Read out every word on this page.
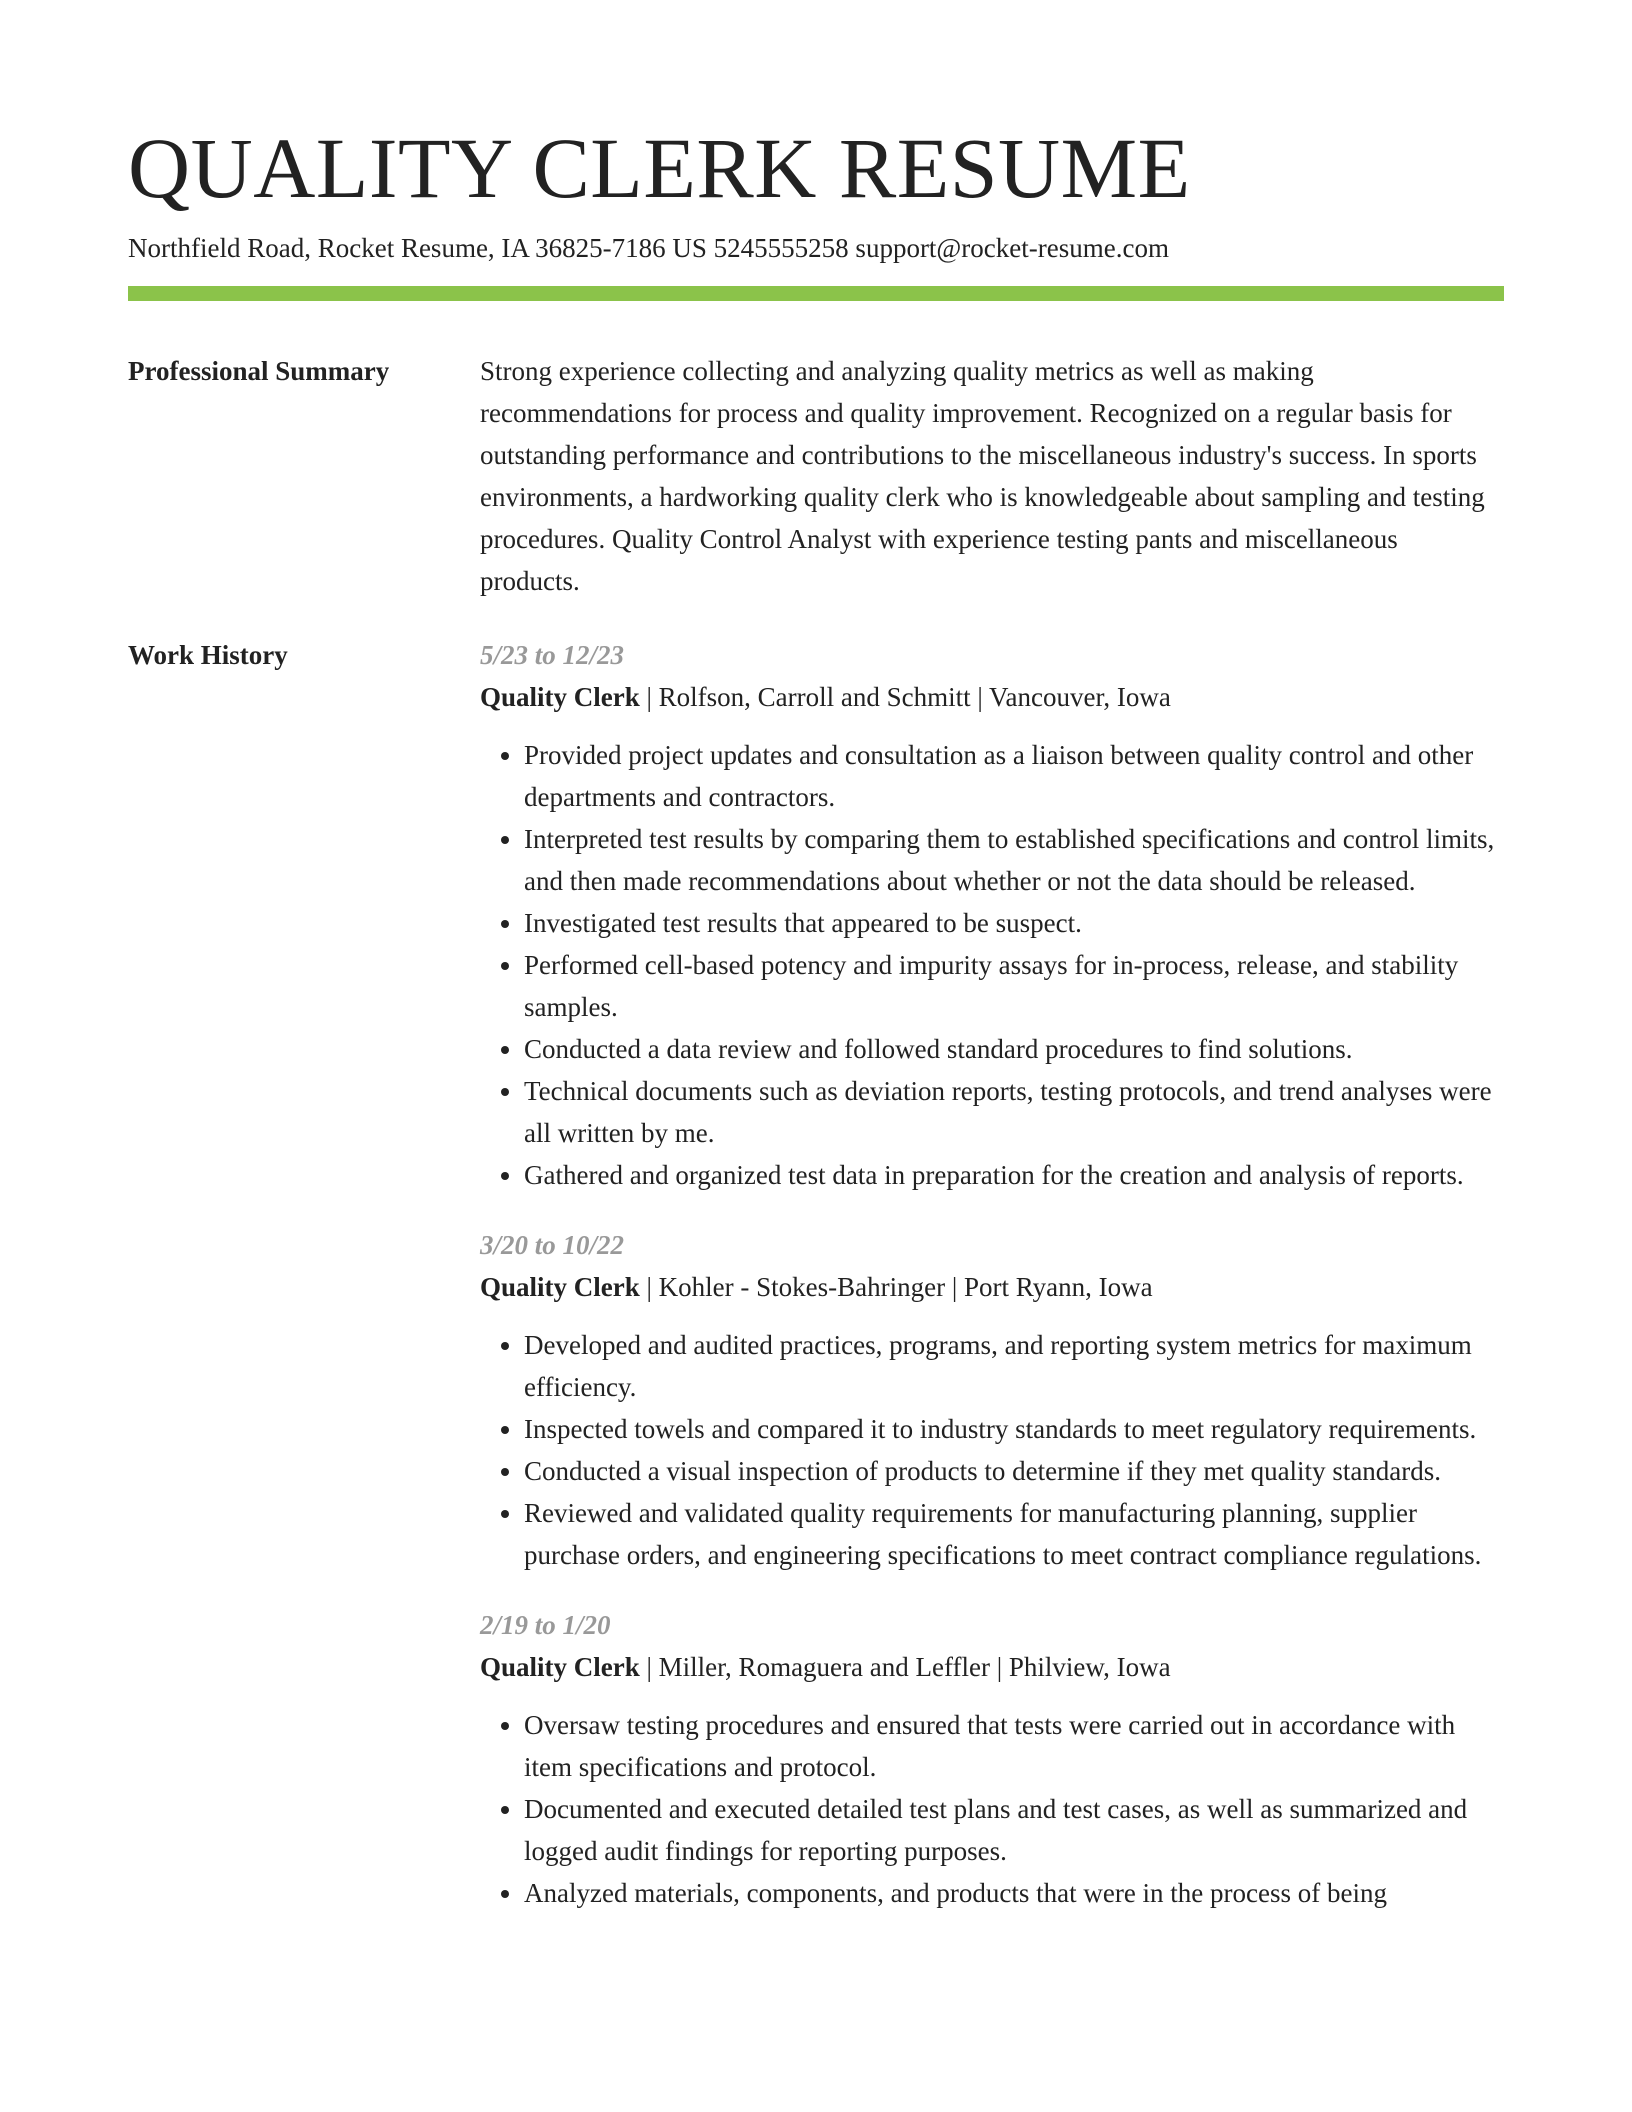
QUALITY CLERK RESUME
Northfield Road, Rocket Resume, IA 36825-7186 US 5245555258 support@rocket-resume.com
Professional Summary	Strong experience collecting and analyzing quality metrics as well as making recommendations for process and quality improvement. Recognized on a regular basis for outstanding performance and contributions to the miscellaneous industry's success. In sports environments, a hardworking quality clerk who is knowledgeable about sampling and testing procedures. Quality Control Analyst with experience testing pants and miscellaneous products.

Work History	5/23 to 12/23
Quality Clerk | Rolfson, Carroll and Schmitt | Vancouver, Iowa
• Provided project updates and consultation as a liaison between quality control and other departments and contractors.
• Interpreted test results by comparing them to established specifications and control limits, and then made recommendations about whether or not the data should be released.
• Investigated test results that appeared to be suspect.
• Performed cell-based potency and impurity assays for in-process, release, and stability samples.
• Conducted a data review and followed standard procedures to find solutions.
• Technical documents such as deviation reports, testing protocols, and trend analyses were all written by me.
• Gathered and organized test data in preparation for the creation and analysis of reports.
3/20 to 10/22
Quality Clerk | Kohler - Stokes-Bahringer | Port Ryann, Iowa
• Developed and audited practices, programs, and reporting system metrics for maximum efficiency.
• Inspected towels and compared it to industry standards to meet regulatory requirements.
• Conducted a visual inspection of products to determine if they met quality standards.
• Reviewed and validated quality requirements for manufacturing planning, supplier purchase orders, and engineering specifications to meet contract compliance regulations.
2/19 to 1/20
Quality Clerk | Miller, Romaguera and Leffler | Philview, Iowa
• Oversaw testing procedures and ensured that tests were carried out in accordance with item specifications and protocol.
• Documented and executed detailed test plans and test cases, as well as summarized and logged audit findings for reporting purposes.
• Analyzed materials, components, and products that were in the process of being
